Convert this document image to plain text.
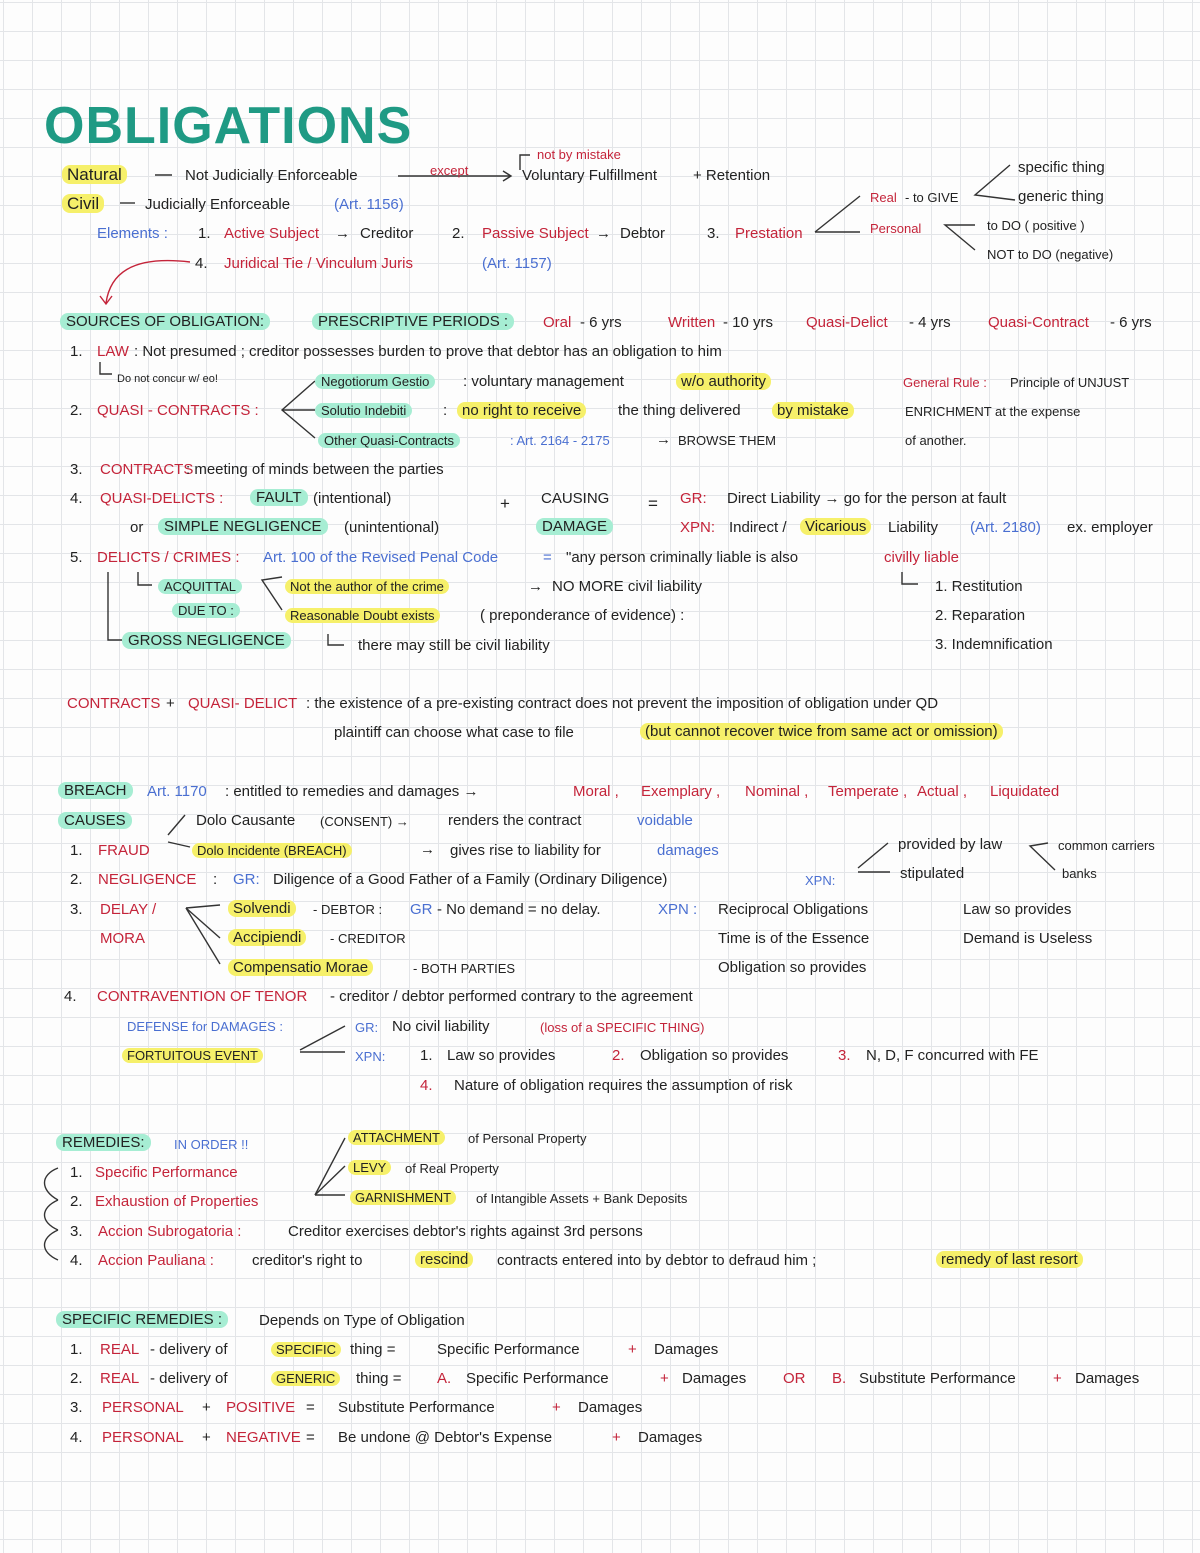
OBLIGATIONS
Natural	Not Judicially Enforceable	except
not by mistake
Voluntary Fulfillment + Retention
Civil	Judicially Enforceable	(Art. 1156)
Elements : 1. Active Subject → Creditor	2. Passive Subject → Debtor	3. Prestation
4. Juridical Tie / Vinculum Juris	(Art. 1157)
Real - to GIVE
specific thing
generic thing
Personal	to DO ( positive )
NOT to DO (negative)
SOURCES OF OBLIGATION:	PRESCRIPTIVE PERIODS :	Oral - 6 yrs	Written - 10 yrs Quasi-Delict - 4 yrs Quasi-Contract - 6 yrs
1. LAW : Not presumed ; creditor possesses burden to prove that debtor has an obligation to him
Do not concur w/ eo!
2. QUASI - CONTRACTS :
Negotiorum Gestio	: voluntary management	w/o authority
Solutio Indebiti	: no right to receive	the thing delivered	by mistake
Other Quasi-Contracts	: Art. 2164 - 2175	→ BROWSE THEM
General Rule : Principle of UNJUST
ENRICHMENT at the expense
of another.
3. CONTRACTS
: meeting of minds between the parties
4. QUASI-DELICTS :	FAULT (intentional)
or	SIMPLE NEGLIGENCE	(unintentional)
+ CAUSING
DAMAGE
= GR: Direct Liability → go for the person at fault
XPN: Indirect /	Vicarious	Liability (Art. 2180) ex. employer
5. DELICTS / CRIMES : Art. 100 of the Revised Penal Code	= "any person criminally liable is also	civilly liable
ACQUITTAL
DUE TO :
Not the author of the crime	→ NO MORE civil liability
Reasonable Doubt exists	( preponderance of evidence) :
GROSS NEGLIGENCE	there may still be civil liability
1. Restitution
2. Reparation
3. Indemnification
CONTRACTS + QUASI- DELICT : the existence of a pre-existing contract does not prevent the imposition of obligation under QD
plaintiff can choose what case to file	(but cannot recover twice from same act or omission)
BREACH	Art. 1170 : entitled to remedies and damages →	Moral , Exemplary , Nominal , Temperate , Actual , Liquidated
CAUSES	Dolo Causante (CONSENT) →	renders the contract	voidable
1. FRAUD	Dolo Incidente (BREACH)	→ gives rise to liability for	damages	provided by law
stipulated
common carriers
banks
2. NEGLIGENCE : GR: Diligence of a Good Father of a Family (Ordinary Diligence)	XPN:
3. DELAY /
MORA
Solvendi	- DEBTOR : GR - No demand = no delay.	XPN : Reciprocal Obligations
Time is of the Essence
Obligation so provides
Law so provides
Demand is Useless
Accipiendi	- CREDITOR
Compensatio Morae	- BOTH PARTIES
4. CONTRAVENTION OF TENOR - creditor / debtor performed contrary to the agreement
DEFENSE for DAMAGES :
FORTUITOUS EVENT
GR: No civil liability	(loss of a SPECIFIC THING)
XPN: 1. Law so provides	2. Obligation so provides	3. N, D, F concurred with FE
4. Nature of obligation requires the assumption of risk
REMEDIES:	IN ORDER !!
1. Specific Performance
2. Exhaustion of Properties
3. Accion Subrogatoria :	Creditor exercises debtor's rights against 3rd persons
4. Accion Pauliana :	creditor's right to	rescind	contracts entered into by debtor to defraud him ;	remedy of last resort
ATTACHMENT	of Personal Property
LEVY	of Real Property
GARNISHMENT	of Intangible Assets + Bank Deposits
SPECIFIC REMEDIES :	Depends on Type of Obligation
1. REAL - delivery of	SPECIFIC thing =	Specific Performance	+ Damages
2. REAL - delivery of	GENERIC	thing = A. Specific Performance	+ Damages OR B. Substitute Performance + Damages
3. PERSONAL + POSITIVE = Substitute Performance	+ Damages
4. PERSONAL + NEGATIVE = Be undone @ Debtor's Expense	+ Damages
